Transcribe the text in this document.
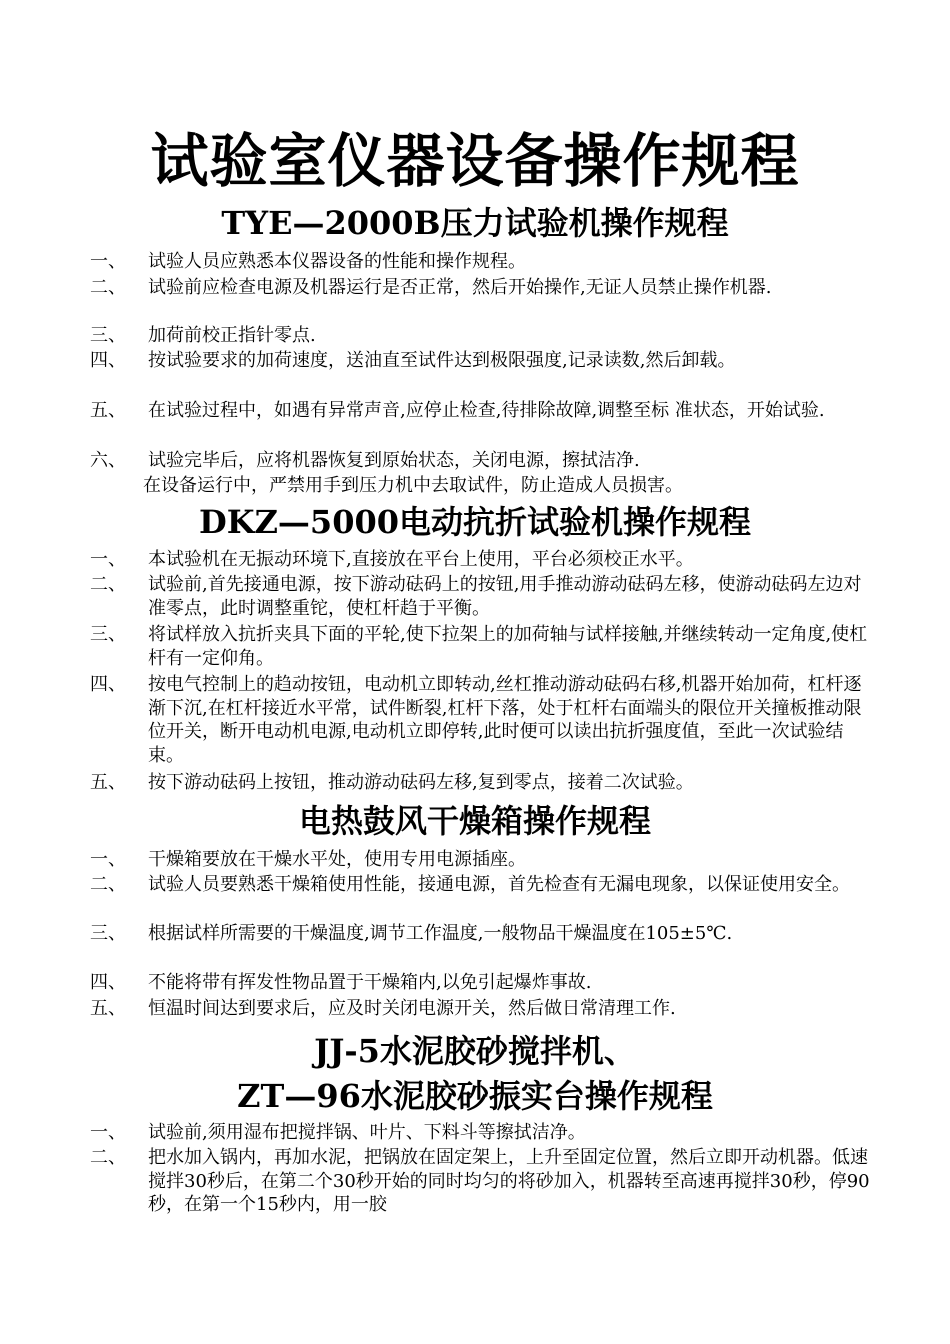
试验室仪器设备操作规程
TYE—2000B压力试验机操作规程
一、	试验人员应熟悉本仪器设备的性能和操作规程。
二、	试验前应检查电源及机器运行是否正常，然后开始操作,无证人员禁止操作机器.
三、	加荷前校正指针零点.
四、	按试验要求的加荷速度，送油直至试件达到极限强度,记录读数,然后卸载。
五、	在试验过程中，如遇有异常声音,应停止检查,待排除故障,调整至标 准状态，开始试验.
六、	试验完毕后，应将机器恢复到原始状态，关闭电源，擦拭洁净.
在设备运行中，严禁用手到压力机中去取试件，防止造成人员损害。
DKZ—5000电动抗折试验机操作规程
一、	本试验机在无振动环境下,直接放在平台上使用，平台必须校正水平。
二、	试验前,首先接通电源，按下游动砝码上的按钮,用手推动游动砝码左移，使游动砝码左边对准零点，此时调整重铊，使杠杆趋于平衡。
三、	将试样放入抗折夹具下面的平轮,使下拉架上的加荷轴与试样接触,并继续转动一定角度,使杠杆有一定仰角。
四、	按电气控制上的趋动按钮，电动机立即转动,丝杠推动游动砝码右移,机器开始加荷，杠杆逐渐下沉,在杠杆接近水平常，试件断裂,杠杆下落，处于杠杆右面端头的限位开关撞板推动限位开关，断开电动机电源,电动机立即停转,此时便可以读出抗折强度值，至此一次试验结束。
五、	按下游动砝码上按钮，推动游动砝码左移,复到零点，接着二次试验。
电热鼓风干燥箱操作规程
一、	干燥箱要放在干燥水平处，使用专用电源插座。
二、	试验人员要熟悉干燥箱使用性能，接通电源，首先检查有无漏电现象，以保证使用安全。
三、	根据试样所需要的干燥温度,调节工作温度,一般物品干燥温度在105±5℃.
四、	不能将带有挥发性物品置于干燥箱内,以免引起爆炸事故.
五、	恒温时间达到要求后，应及时关闭电源开关，然后做日常清理工作.
JJ-5水泥胶砂搅拌机、
ZT—96水泥胶砂振实台操作规程
一、	试验前,须用湿布把搅拌锅、叶片、下料斗等擦拭洁净。
二、	把水加入锅内，再加水泥，把锅放在固定架上，上升至固定位置，然后立即开动机器。低速搅拌30秒后，在第二个30秒开始的同时均匀的将砂加入，机器转至高速再搅拌30秒，停90秒，在第一个15秒内，用一胶
